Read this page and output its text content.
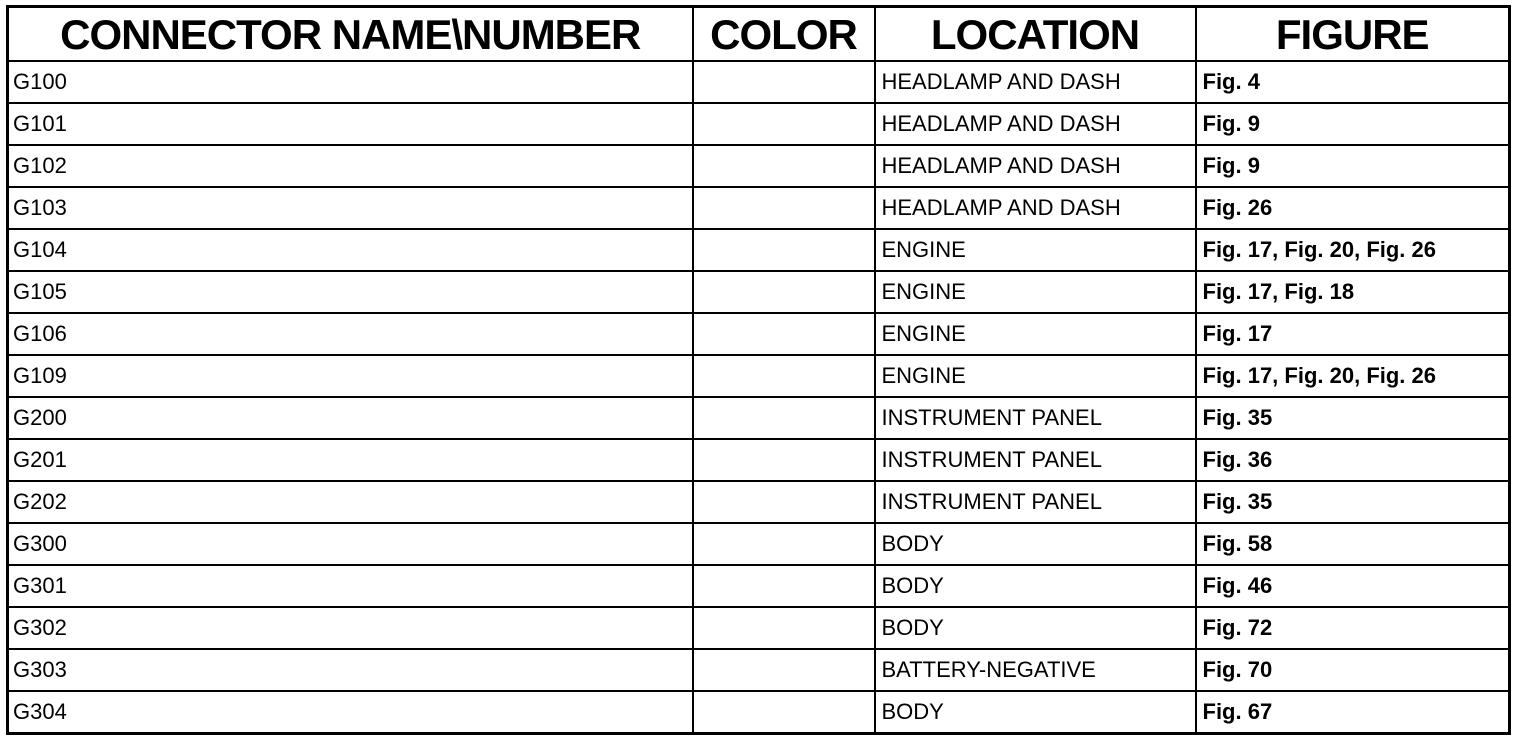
CONNECTOR NAME\NUMBER	COLOR	LOCATION	FIGURE
G100		HEADLAMP AND DASH	Fig. 4
G101		HEADLAMP AND DASH	Fig. 9
G102		HEADLAMP AND DASH	Fig. 9
G103		HEADLAMP AND DASH	Fig. 26
G104		ENGINE	Fig. 17, Fig. 20, Fig. 26
G105		ENGINE	Fig. 17, Fig. 18
G106		ENGINE	Fig. 17
G109		ENGINE	Fig. 17, Fig. 20, Fig. 26
G200		INSTRUMENT PANEL	Fig. 35
G201		INSTRUMENT PANEL	Fig. 36
G202		INSTRUMENT PANEL	Fig. 35
G300		BODY	Fig. 58
G301		BODY	Fig. 46
G302		BODY	Fig. 72
G303		BATTERY-NEGATIVE	Fig. 70
G304		BODY	Fig. 67
